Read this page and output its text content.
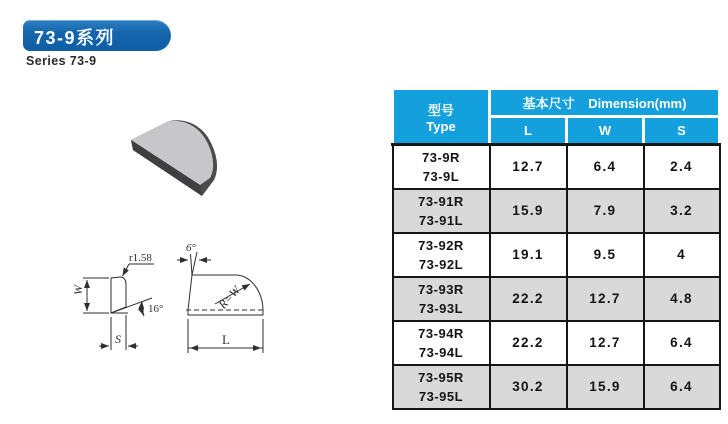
73-9系列
Series 73-9
r1.58
16°
W
S
6°
R=W
L
型号
Type	基本尺寸 Dimension(mm)		
	L	W	S

73-9R
73-9L	12.7	6.4	2.4

73-91R
73-91L	15.9	7.9	3.2

73-92R
73-92L	19.1	9.5	4

73-93R
73-93L	22.2	12.7	4.8

73-94R
73-94L	22.2	12.7	6.4

73-95R
73-95L	30.2	15.9	6.4
